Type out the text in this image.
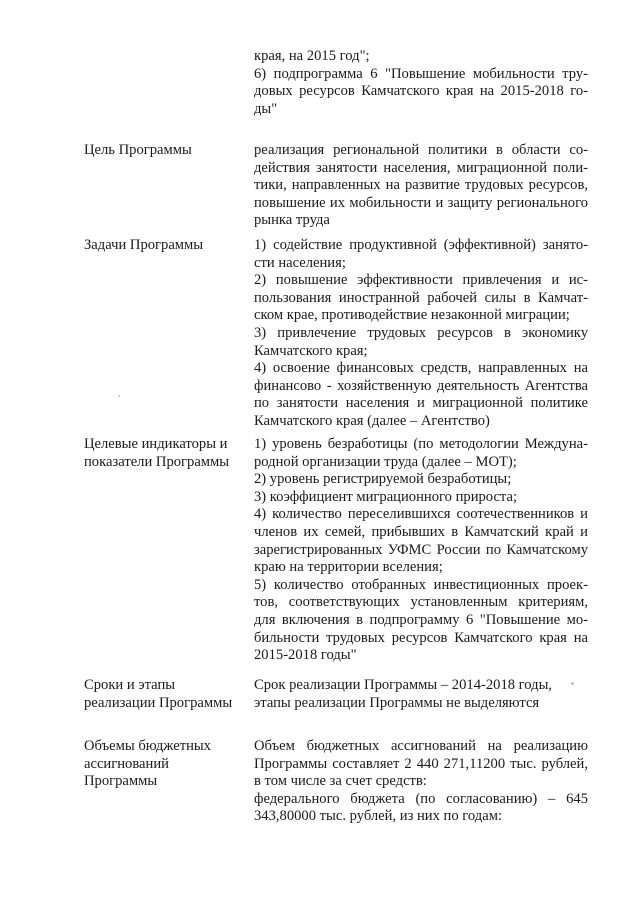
края, на 2015 год";

6) подпрограмма 6 "Повышение мобильности трудовых ресурсов Камчатского края на 2015-2018 годы"

Цель Программы	реализация региональной политики в области содействия занятости населения, миграционной политики, направленных на развитие трудовых ресурсов, повышение их мобильности и защиту регионального рынка труда

Задачи Программы	1) содействие продуктивной (эффективной) занятости населения;

2) повышение эффективности привлечения и использования иностранной рабочей силы в Камчатском крае, противодействие незаконной миграции;

3) привлечение трудовых ресурсов в экономику Камчатского края;

4) освоение финансовых средств, направленных на финансово - хозяйственную деятельность Агентства по занятости населения и миграционной политике Камчатского края (далее – Агентство)

Целевые индикаторы и показатели Программы

1) уровень безработицы (по методологии Международной организации труда (далее – МОТ);

2) уровень регистрируемой безработицы;

3) коэффициент миграционного прироста;

4) количество переселившихся соотечественников и членов их семей, прибывших в Камчатский край и зарегистрированных УФМС России по Камчатскому краю на территории вселения;

5) количество отобранных инвестиционных проектов, соответствующих установленным критериям, для включения в подпрограмму 6 "Повышение мобильности трудовых ресурсов Камчатского края на 2015-2018 годы"

Сроки и этапы реализации Программы

Срок реализации Программы – 2014-2018 годы, этапы реализации Программы не выделяются

Объемы бюджетных ассигнований Программы

Объем бюджетных ассигнований на реализацию Программы составляет 2 440 271,11200 тыс. рублей, в том числе за счет средств:

федерального бюджета (по согласованию) – 645 343,80000 тыс. рублей, из них по годам:
